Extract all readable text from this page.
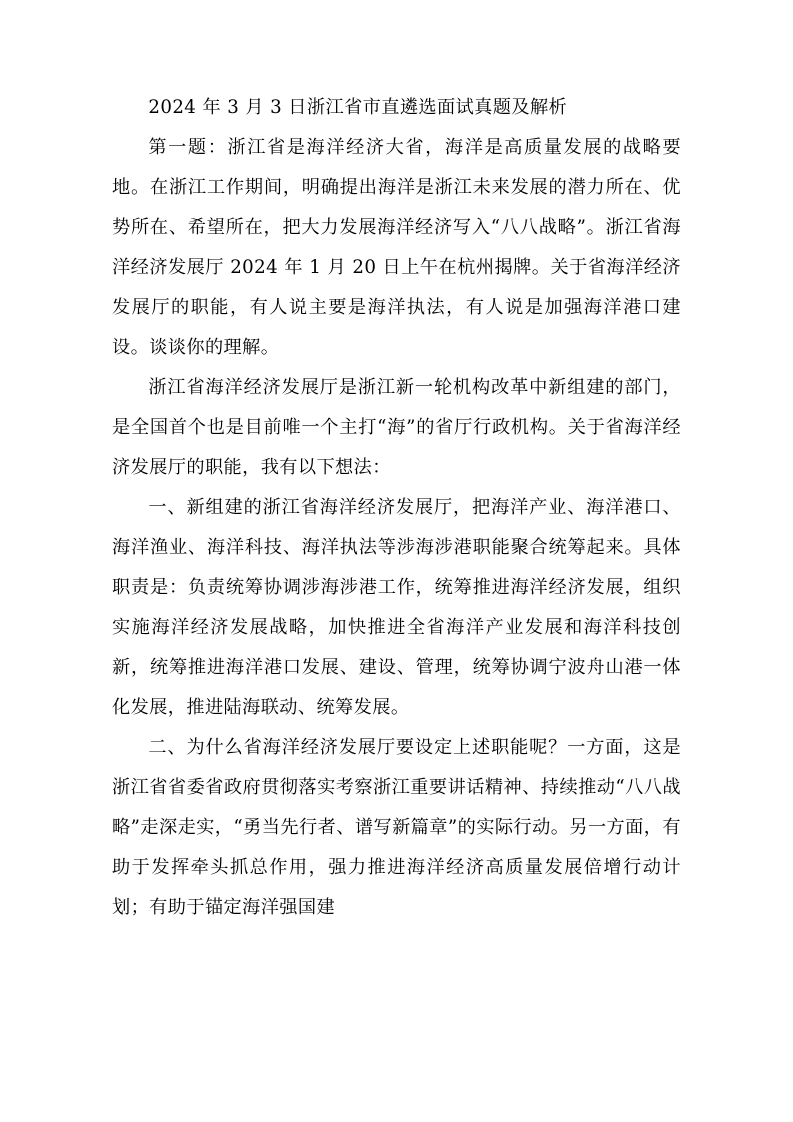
2024 年 3 月 3 日浙江省市直遴选面试真题及解析

第一题：浙江省是海洋经济大省，海洋是高质量发展的战略要地。在浙江工作期间，明确提出海洋是浙江未来发展的潜力所在、优势所在、希望所在，把大力发展海洋经济写入“八八战略”。浙江省海洋经济发展厅 2024 年 1 月 20 日上午在杭州揭牌。关于省海洋经济发展厅的职能，有人说主要是海洋执法，有人说是加强海洋港口建设。谈谈你的理解。

浙江省海洋经济发展厅是浙江新一轮机构改革中新组建的部门，是全国首个也是目前唯一个主打“海”的省厅行政机构。关于省海洋经济发展厅的职能，我有以下想法：

一、新组建的浙江省海洋经济发展厅，把海洋产业、海洋港口、海洋渔业、海洋科技、海洋执法等涉海涉港职能聚合统筹起来。具体职责是：负责统筹协调涉海涉港工作，统筹推进海洋经济发展，组织实施海洋经济发展战略，加快推进全省海洋产业发展和海洋科技创新，统筹推进海洋港口发展、建设、管理，统筹协调宁波舟山港一体化发展，推进陆海联动、统筹发展。

二、为什么省海洋经济发展厅要设定上述职能呢？一方面，这是浙江省省委省政府贯彻落实考察浙江重要讲话精神、持续推动“八八战略”走深走实，“勇当先行者、谱写新篇章”的实际行动。另一方面，有助于发挥牵头抓总作用，强力推进海洋经济高质量发展倍增行动计划；有助于锚定海洋强国建
